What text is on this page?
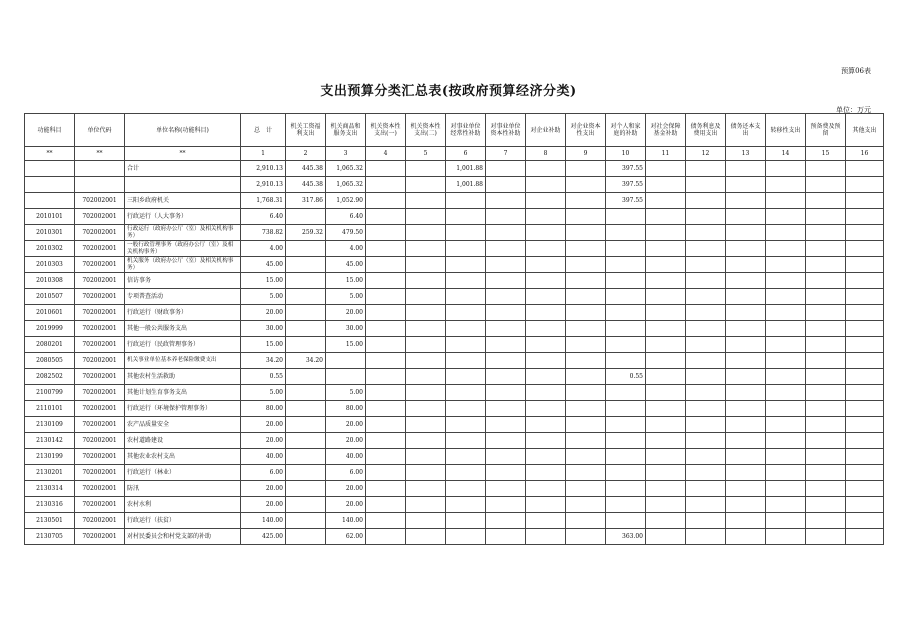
预算06表
支出预算分类汇总表(按政府预算经济分类)
单位：万元
功能科目	单位代码	单位名称(功能科目)	总　计	机关工资福利支出	机关商品和服务支出	机关资本性支出(一)	机关资本性支出(二)	对事业单位经常性补助	对事业单位资本性补助	对企业补助	对企业资本性支出	对个人和家庭的补助	对社会保障基金补助	债务利息及费用支出	债务还本支出	转移性支出	预备费及预留	其他支出
**	**	**	1	2	3	4	5	6	7	8	9	10	11	12	13	14	15	16
		合计	2,910.13	445.38	1,065.32			1,001.88				397.55						
			2,910.13	445.38	1,065.32			1,001.88				397.55						
	702002001	三阳乡政府机关	1,768.31	317.86	1,052.90							397.55						
2010101	702002001	行政运行（人大事务）	6.40		6.40													
2010301	702002001	行政运行（政府办公厅（室）及相关机构事务）	738.82	259.32	479.50													
2010302	702002001	一般行政管理事务（政府办公厅（室）及相关机构事务）	4.00		4.00													
2010303	702002001	机关服务（政府办公厅（室）及相关机构事务）	45.00		45.00													
2010308	702002001	信访事务	15.00		15.00													
2010507	702002001	专项普查活动	5.00		5.00													
2010601	702002001	行政运行（财政事务）	20.00		20.00													
2019999	702002001	其他一般公共服务支出	30.00		30.00													
2080201	702002001	行政运行（民政管理事务）	15.00		15.00													
2080505	702002001	机关事业单位基本养老保险缴费支出	34.20	34.20														
2082502	702002001	其他农村生活救助	0.55									0.55						
2100799	702002001	其他计划生育事务支出	5.00		5.00													
2110101	702002001	行政运行（环境保护管理事务）	80.00		80.00													
2130109	702002001	农产品质量安全	20.00		20.00													
2130142	702002001	农村道路建设	20.00		20.00													
2130199	702002001	其他农业农村支出	40.00		40.00													
2130201	702002001	行政运行（林业）	6.00		6.00													
2130314	702002001	防汛	20.00		20.00													
2130316	702002001	农村水利	20.00		20.00													
2130501	702002001	行政运行（扶贫）	140.00		140.00													
2130705	702002001	对村民委员会和村党支部的补助	425.00		62.00							363.00						
